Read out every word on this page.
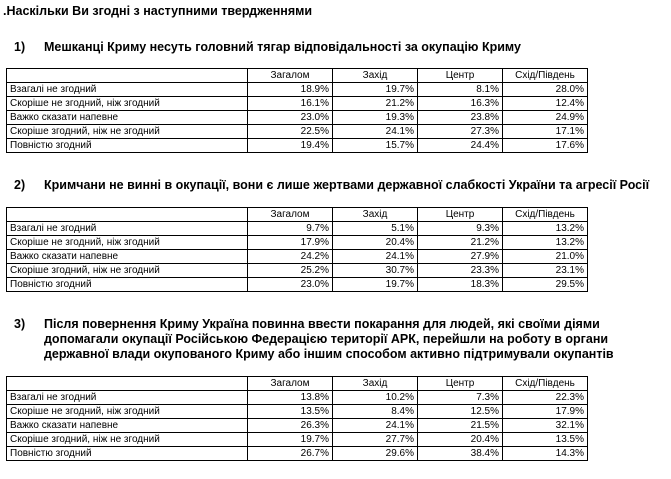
.Наскільки Ви згодні з наступними твердженнями
1)	Мешканці Криму несуть головний тягар відповідальності за окупацію Криму
	Загалом	Захід	Центр	Схід/Південь
Взагалі не згодний	18.9%	19.7%	8.1%	28.0%
Скоріше не згодний, ніж згодний	16.1%	21.2%	16.3%	12.4%
Важко сказати напевне	23.0%	19.3%	23.8%	24.9%
Скоріше згодний, ніж не згодний	22.5%	24.1%	27.3%	17.1%
Повністю згодний	19.4%	15.7%	24.4%	17.6%
2)	Кримчани не винні в окупації, вони є лише жертвами державної слабкості України та агресії Росії
	Загалом	Захід	Центр	Схід/Південь
Взагалі не згодний	9.7%	5.1%	9.3%	13.2%
Скоріше не згодний, ніж згодний	17.9%	20.4%	21.2%	13.2%
Важко сказати напевне	24.2%	24.1%	27.9%	21.0%
Скоріше згодний, ніж не згодний	25.2%	30.7%	23.3%	23.1%
Повністю згодний	23.0%	19.7%	18.3%	29.5%
3)	Після повернення Криму Україна повинна ввести покарання для людей, які своїми діями допомагали окупації Російською Федерацією території АРК, перейшли на роботу в органи державної влади окупованого Криму або іншим способом активно підтримували окупантів
	Загалом	Захід	Центр	Схід/Південь
Взагалі не згодний	13.8%	10.2%	7.3%	22.3%
Скоріше не згодний, ніж згодний	13.5%	8.4%	12.5%	17.9%
Важко сказати напевне	26.3%	24.1%	21.5%	32.1%
Скоріше згодний, ніж не згодний	19.7%	27.7%	20.4%	13.5%
Повністю згодний	26.7%	29.6%	38.4%	14.3%
